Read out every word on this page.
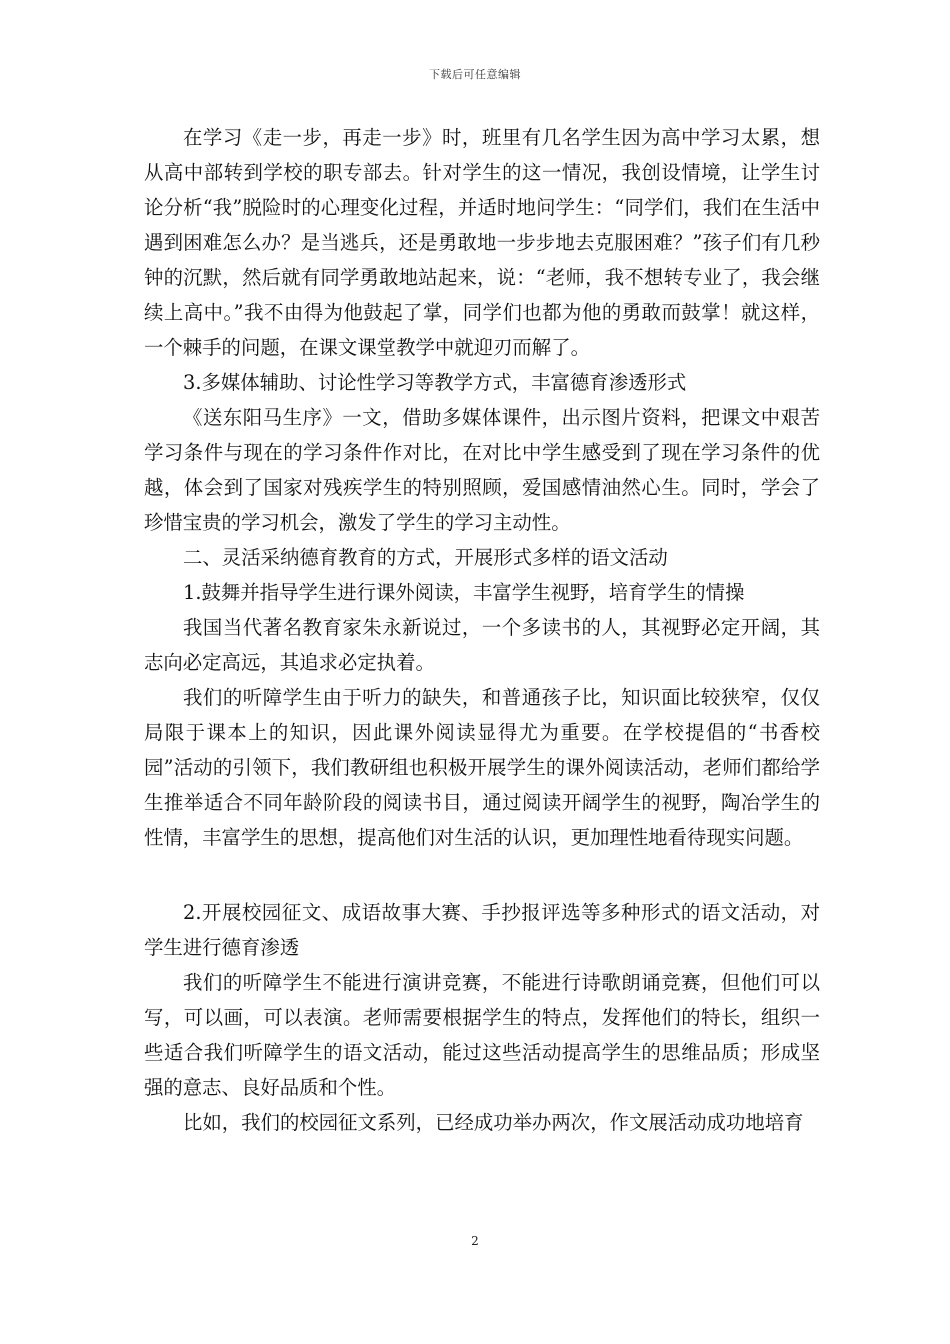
下载后可任意编辑

在学习《走一步，再走一步》时，班里有几名学生因为高中学习太累，想从高中部转到学校的职专部去。针对学生的这一情况，我创设情境，让学生讨论分析“我”脱险时的心理变化过程，并适时地问学生：“同学们，我们在生活中遇到困难怎么办？是当逃兵，还是勇敢地一步步地去克服困难？”孩子们有几秒钟的沉默，然后就有同学勇敢地站起来，说：“老师，我不想转专业了，我会继续上高中。”我不由得为他鼓起了掌，同学们也都为他的勇敢而鼓掌！就这样，一个棘手的问题，在课文课堂教学中就迎刃而解了。

3.多媒体辅助、讨论性学习等教学方式，丰富德育渗透形式

《送东阳马生序》一文，借助多媒体课件，出示图片资料，把课文中艰苦学习条件与现在的学习条件作对比，在对比中学生感受到了现在学习条件的优越，体会到了国家对残疾学生的特别照顾，爱国感情油然心生。同时，学会了珍惜宝贵的学习机会，激发了学生的学习主动性。

二、灵活采纳德育教育的方式，开展形式多样的语文活动

1.鼓舞并指导学生进行课外阅读，丰富学生视野，培育学生的情操

我国当代著名教育家朱永新说过，一个多读书的人，其视野必定开阔，其志向必定高远，其追求必定执着。

我们的听障学生由于听力的缺失，和普通孩子比，知识面比较狭窄，仅仅局限于课本上的知识，因此课外阅读显得尤为重要。在学校提倡的“书香校园”活动的引领下，我们教研组也积极开展学生的课外阅读活动，老师们都给学生推举适合不同年龄阶段的阅读书目，通过阅读开阔学生的视野，陶冶学生的性情，丰富学生的思想，提高他们对生活的认识，更加理性地看待现实问题。

2.开展校园征文、成语故事大赛、手抄报评选等多种形式的语文活动，对学生进行德育渗透

我们的听障学生不能进行演讲竞赛，不能进行诗歌朗诵竞赛，但他们可以写，可以画，可以表演。老师需要根据学生的特点，发挥他们的特长，组织一些适合我们听障学生的语文活动，能过这些活动提高学生的思维品质；形成坚强的意志、良好品质和个性。

比如，我们的校园征文系列，已经成功举办两次，作文展活动成功地培育

2
